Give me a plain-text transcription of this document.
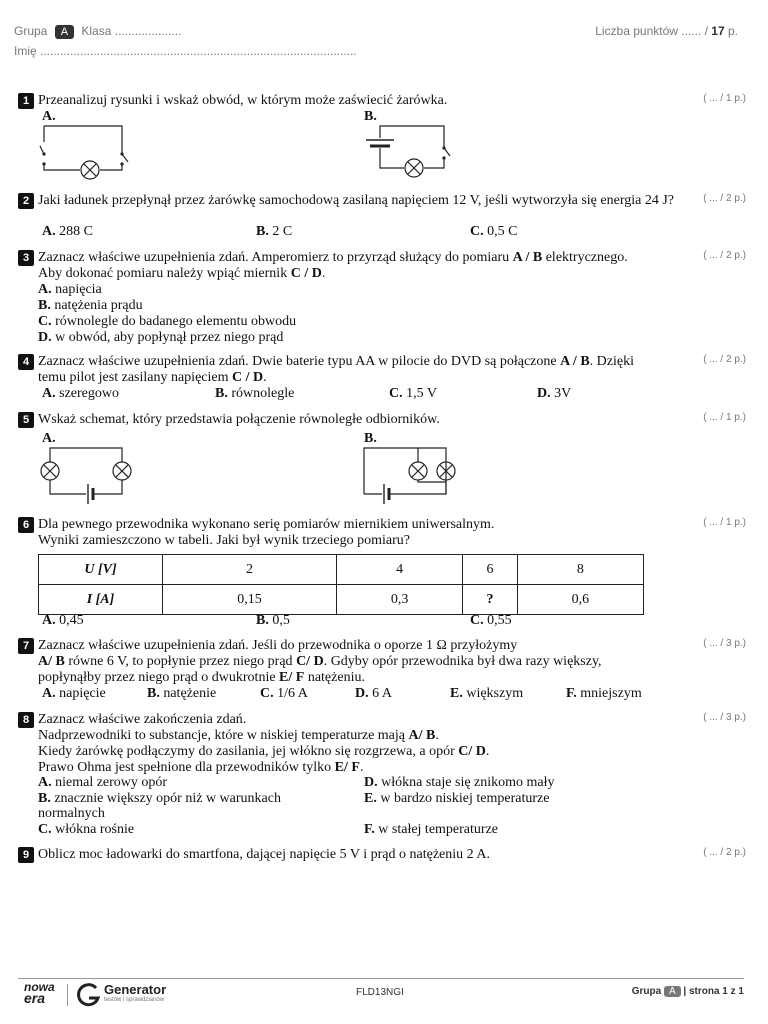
Grupa A Klasa ....................
Imię ...............................................................................................
Liczba punktów ...... / 17 p.
1 Przeanalizuj rysunki i wskaż obwód, w którym może zaświecić żarówka.	( ... / 1 p.)
A.	B.
2 Jaki ładunek przepłynął przez żarówkę samochodową zasilaną napięciem 12 V, jeśli wytworzyła się energia 24 J?	( ... / 2 p.)
A. 288 C	B. 2 C	C. 0,5 C
3 Zaznacz właściwe uzupełnienia zdań. Amperomierz to przyrząd służący do pomiaru A / B elektrycznego.
Aby dokonać pomiaru należy wpiąć miernik C / D.
( ... / 2 p.)
A. napięcia
B. natężenia prądu
C. równolegle do badanego elementu obwodu
D. w obwód, aby popłynął przez niego prąd
4 Zaznacz właściwe uzupełnienia zdań. Dwie baterie typu AA w pilocie do DVD są połączone A / B. Dzięki
temu pilot jest zasilany napięciem C / D.
( ... / 2 p.)
A. szeregowo	B. równolegle	C. 1,5 V	D. 3V
5 Wskaż schemat, który przedstawia połączenie równoległe odbiorników.	( ... / 1 p.)
A.	B.
6 Dla pewnego przewodnika wykonano serię pomiarów miernikiem uniwersalnym.
Wyniki zamieszczono w tabeli. Jaki był wynik trzeciego pomiaru?
( ... / 1 p.)
U [V]	2	4	6	8
I [A]	0,15	0,3	?	0,6
A. 0,45	B. 0,5	C. 0,55
7 Zaznacz właściwe uzupełnienia zdań. Jeśli do przewodnika o oporze 1 Ω przyłożymy
A/ B równe 6 V, to popłynie przez niego prąd C/ D. Gdyby opór przewodnika był dwa razy większy,
popłynąłby przez niego prąd o dwukrotnie E/ F natężeniu.
( ... / 3 p.)
A. napięcie	B. natężenie	C. 1/6 A	D. 6 A	E. większym	F. mniejszym
8 Zaznacz właściwe zakończenia zdań.
Nadprzewodniki to substancje, które w niskiej temperaturze mają A/ B.
Kiedy żarówkę podłączymy do zasilania, jej włókno się rozgrzewa, a opór C/ D.
Prawo Ohma jest spełnione dla przewodników tylko E/ F.
( ... / 3 p.)
A. niemal zerowy opór
B. znacznie większy opór niż w warunkach
normalnych
C. włókna rośnie
D. włókna staje się znikomo mały
E. w bardzo niskiej temperaturze
F. w stałej temperaturze
9 Oblicz moc ładowarki do smartfona, dającej napięcie 5 V i prąd o natężeniu 2 A.	( ... / 2 p.)
nowa
era
Generator
testów i sprawdzianów
FLD13NGI	Grupa A | strona 1 z 1
